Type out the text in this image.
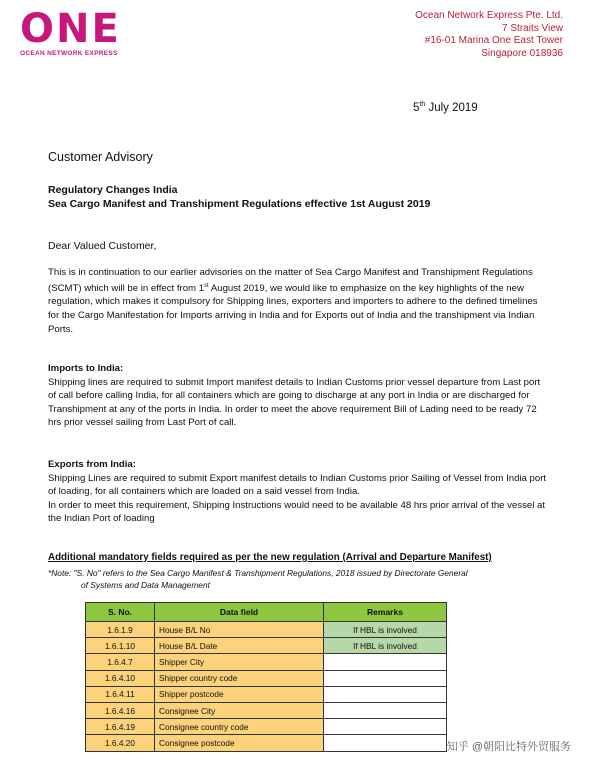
ONE
OCEAN NETWORK EXPRESS
Ocean Network Express Pte. Ltd.
7 Straits View
#16-01 Marina One East Tower
Singapore 018936
5th July 2019
Customer Advisory
Regulatory Changes India
Sea Cargo Manifest and Transhipment Regulations effective 1st August 2019
Dear Valued Customer,
This is in continuation to our earlier advisories on the matter of Sea Cargo Manifest and Transhipment Regulations (SCMT) which will be in effect from 1st August 2019, we would like to emphasize on the key highlights of the new regulation, which makes it compulsory for Shipping lines, exporters and importers to adhere to the defined timelines for the Cargo Manifestation for Imports arriving in India and for Exports out of India and the transhipment via Indian Ports.
Imports to India:
Shipping lines are required to submit Import manifest details to Indian Customs prior vessel departure from Last port of call before calling India, for all containers which are going to discharge at any port in India or are discharged for Transhipment at any of the ports in India. In order to meet the above requirement Bill of Lading need to be ready 72 hrs prior vessel sailing from Last Port of call.
Exports from India:
Shipping Lines are required to submit Export manifest details to Indian Customs prior Sailing of Vessel from India port of loading, for all containers which are loaded on a said vessel from India.
In order to meet this requirement, Shipping Instructions would need to be available 48 hrs prior arrival of the vessel at the Indian Port of loading
Additional mandatory fields required as per the new regulation (Arrival and Departure Manifest)
*Note: "S. No" refers to the Sea Cargo Manifest & Transhipment Regulations, 2018 issued by Directorate General
of Systems and Data Management
S. No.	Data field	Remarks
1.6.1.9	House B/L No	If HBL is involved
1.6.1.10	House B/L Date	If HBL is involved
1.6.4.7	Shipper City	
1.6.4.10	Shipper country code	
1.6.4.11	Shipper postcode	
1.6.4.16	Consignee City	
1.6.4.19	Consignee country code	
1.6.4.20	Consignee postcode		知乎 @朝阳比特外贸服务
